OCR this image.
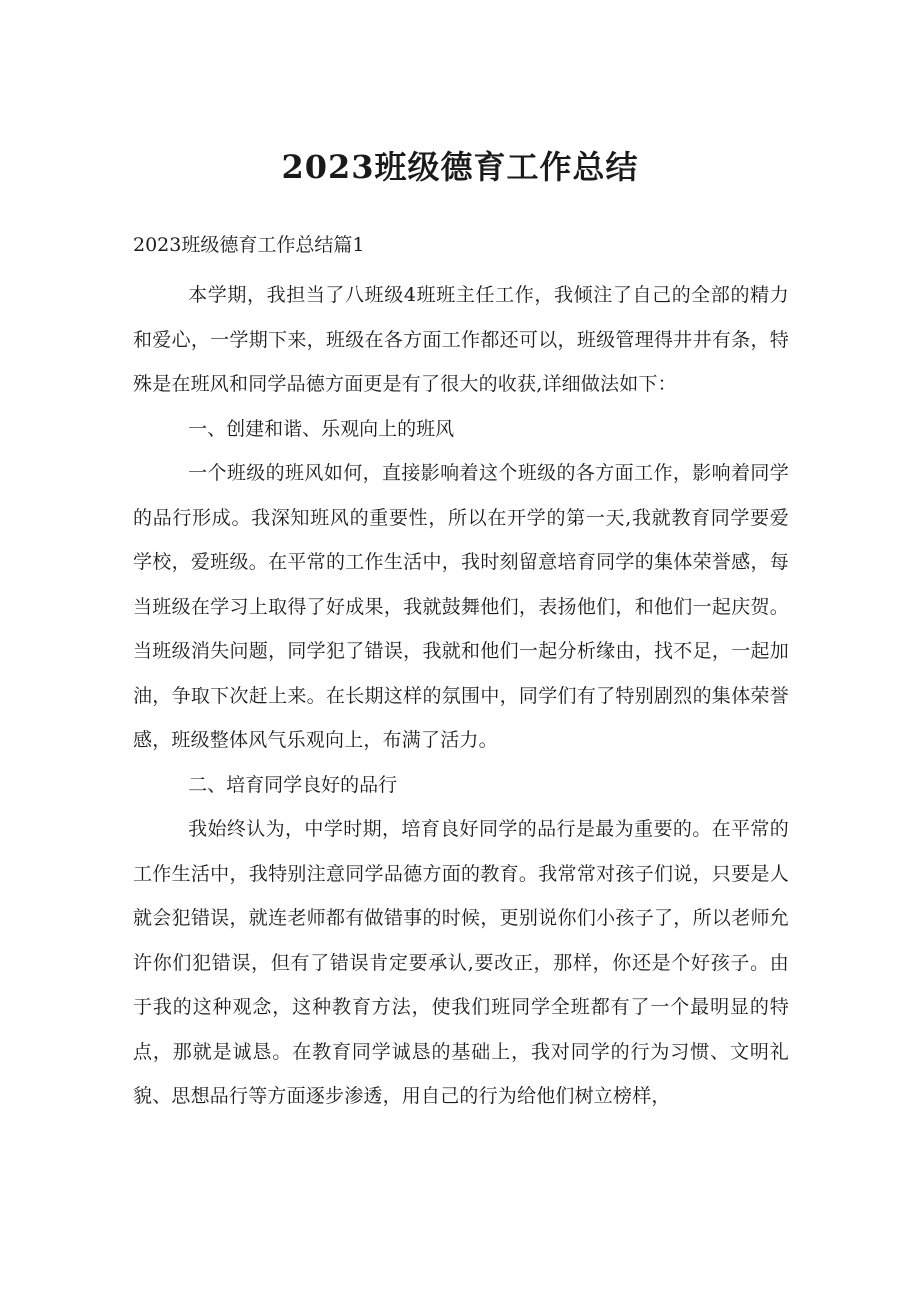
2023班级德育工作总结

2023班级德育工作总结篇1

本学期，我担当了八班级4班班主任工作，我倾注了自己的全部的精力和爱心，一学期下来，班级在各方面工作都还可以，班级管理得井井有条，特殊是在班风和同学品德方面更是有了很大的收获,详细做法如下：

一、创建和谐、乐观向上的班风

一个班级的班风如何，直接影响着这个班级的各方面工作，影响着同学的品行形成。我深知班风的重要性，所以在开学的第一天,我就教育同学要爱学校，爱班级。在平常的工作生活中，我时刻留意培育同学的集体荣誉感，每当班级在学习上取得了好成果，我就鼓舞他们，表扬他们，和他们一起庆贺。当班级消失问题，同学犯了错误，我就和他们一起分析缘由，找不足，一起加油，争取下次赶上来。在长期这样的氛围中，同学们有了特别剧烈的集体荣誉感，班级整体风气乐观向上，布满了活力。

二、培育同学良好的品行

我始终认为，中学时期，培育良好同学的品行是最为重要的。在平常的工作生活中，我特别注意同学品德方面的教育。我常常对孩子们说，只要是人就会犯错误，就连老师都有做错事的时候，更别说你们小孩子了，所以老师允许你们犯错误，但有了错误肯定要承认,要改正，那样，你还是个好孩子。由于我的这种观念，这种教育方法，使我们班同学全班都有了一个最明显的特点，那就是诚恳。在教育同学诚恳的基础上，我对同学的行为习惯、文明礼貌、思想品行等方面逐步渗透，用自己的行为给他们树立榜样，
